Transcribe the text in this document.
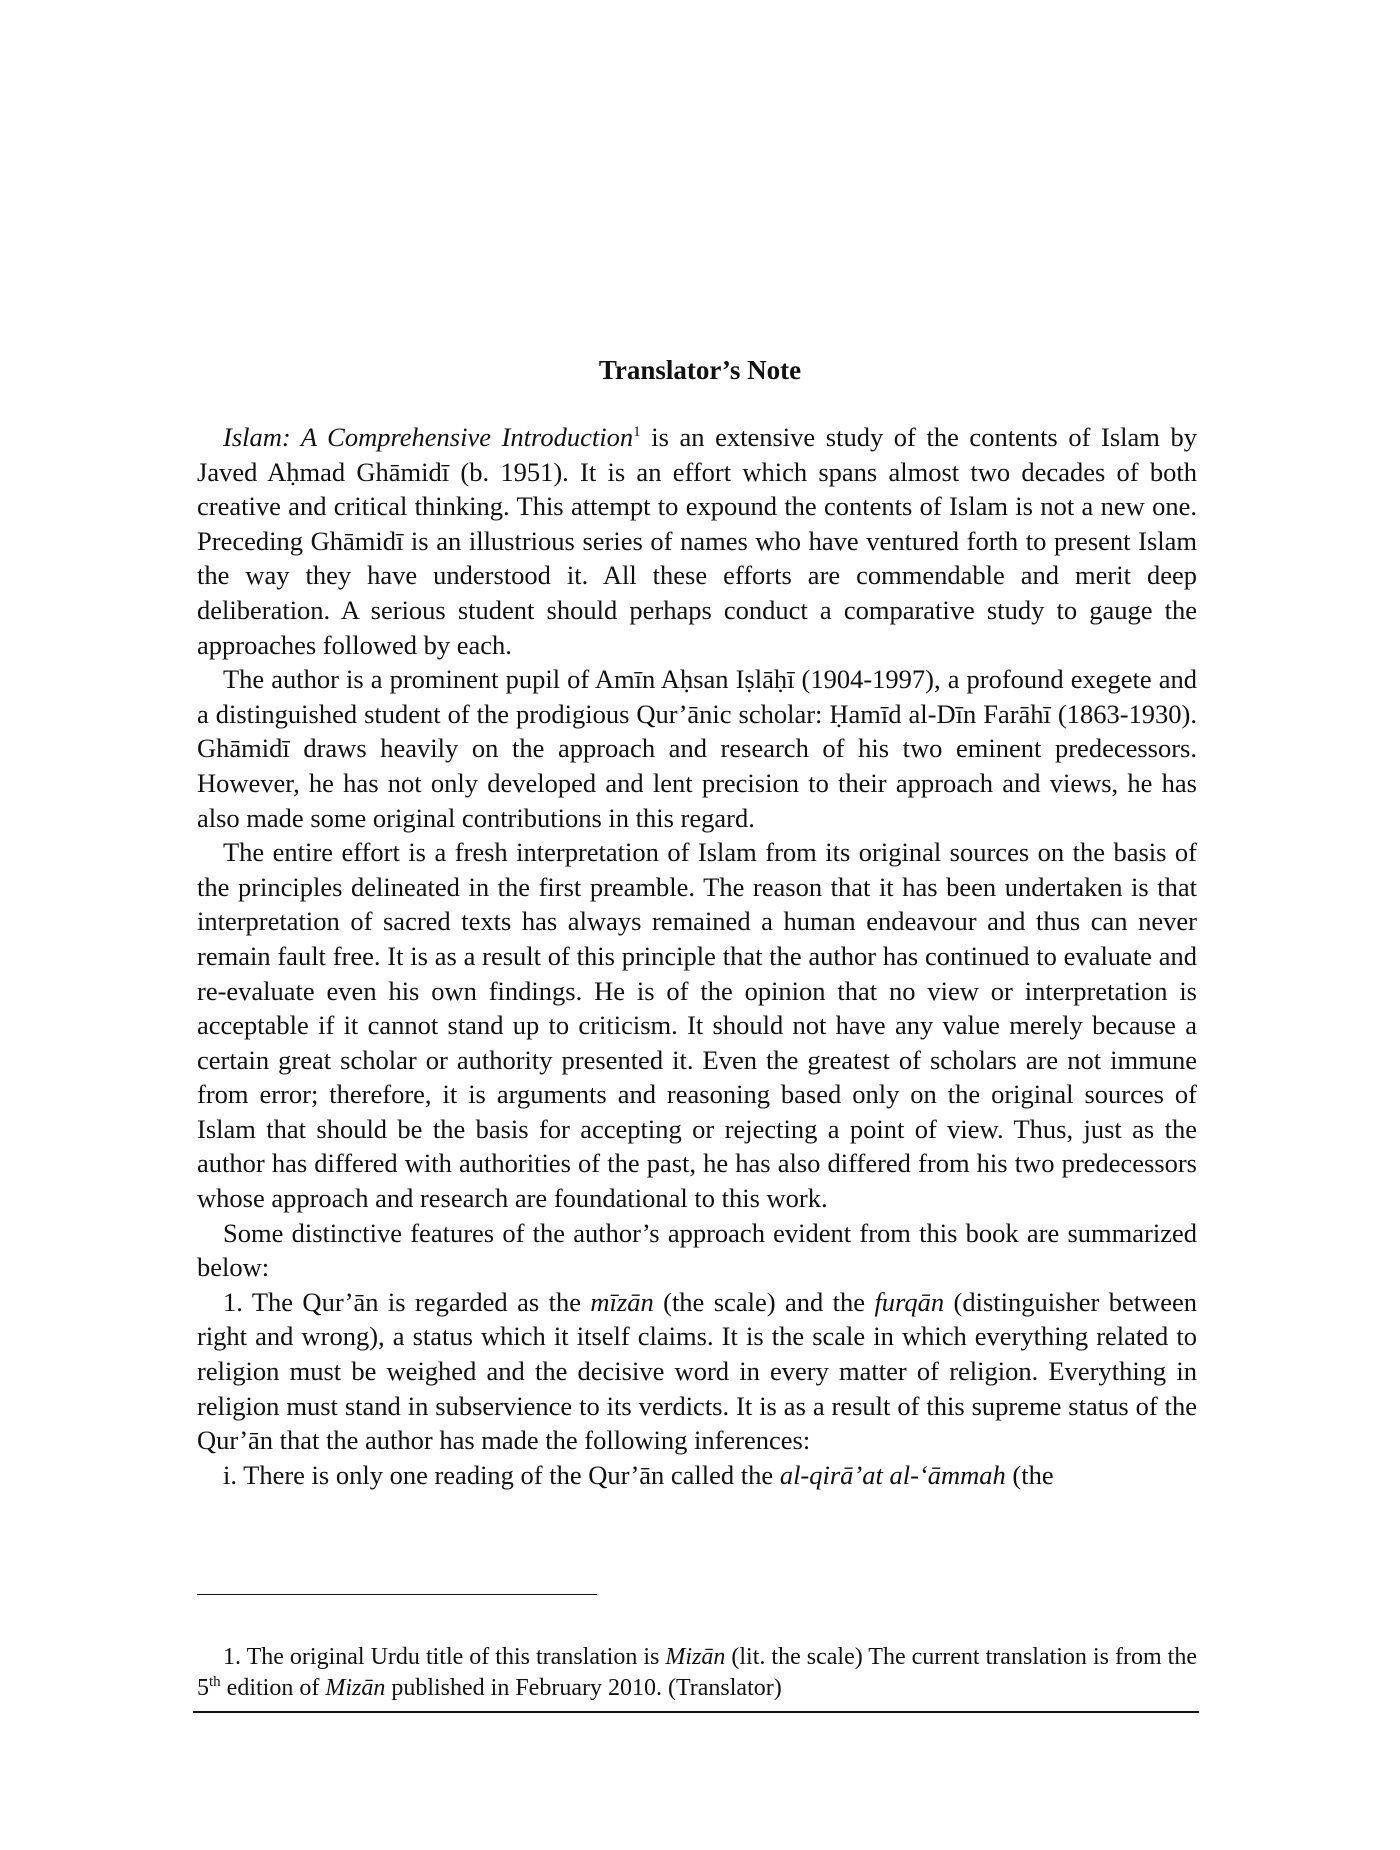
Translator’s Note

Islam: A Comprehensive Introduction$^1$ is an extensive study of the contents of Islam by Javed Aḥmad Ghāmidī (b. 1951). It is an effort which spans almost two decades of both creative and critical thinking. This attempt to expound the contents of Islam is not a new one. Preceding Ghāmidī is an illustrious series of names who have ventured forth to present Islam the way they have understood it. All these efforts are commendable and merit deep deliberation. A serious student should perhaps conduct a comparative study to gauge the approaches followed by each.

The author is a prominent pupil of Amīn Aḥsan Iṣlāḥī (1904-1997), a profound exegete and a distinguished student of the prodigious Qur’ānic scholar: Ḥamīd al-Dīn Farāhī (1863-1930). Ghāmidī draws heavily on the approach and research of his two eminent predecessors. However, he has not only developed and lent precision to their approach and views, he has also made some original contributions in this regard.

The entire effort is a fresh interpretation of Islam from its original sources on the basis of the principles delineated in the first preamble. The reason that it has been undertaken is that interpretation of sacred texts has always remained a human endeavour and thus can never remain fault free. It is as a result of this principle that the author has continued to evaluate and re-evaluate even his own findings. He is of the opinion that no view or interpretation is acceptable if it cannot stand up to criticism. It should not have any value merely because a certain great scholar or authority presented it. Even the greatest of scholars are not immune from error; therefore, it is arguments and reasoning based only on the original sources of Islam that should be the basis for accepting or rejecting a point of view. Thus, just as the author has differed with authorities of the past, he has also differed from his two predecessors whose approach and research are foundational to this work.

Some distinctive features of the author’s approach evident from this book are summarized below:

1. The Qur’ān is regarded as the mīzān (the scale) and the furqān (distinguisher between right and wrong), a status which it itself claims. It is the scale in which everything related to religion must be weighed and the decisive word in every matter of religion. Everything in religion must stand in subservience to its verdicts. It is as a result of this supreme status of the Qur’ān that the author has made the following inferences:

i. There is only one reading of the Qur’ān called the al-qirā’at al-‘āmmah (the

1. The original Urdu title of this translation is Mizān (lit. the scale) The current translation is from the 5th edition of Mizān published in February 2010. (Translator)
